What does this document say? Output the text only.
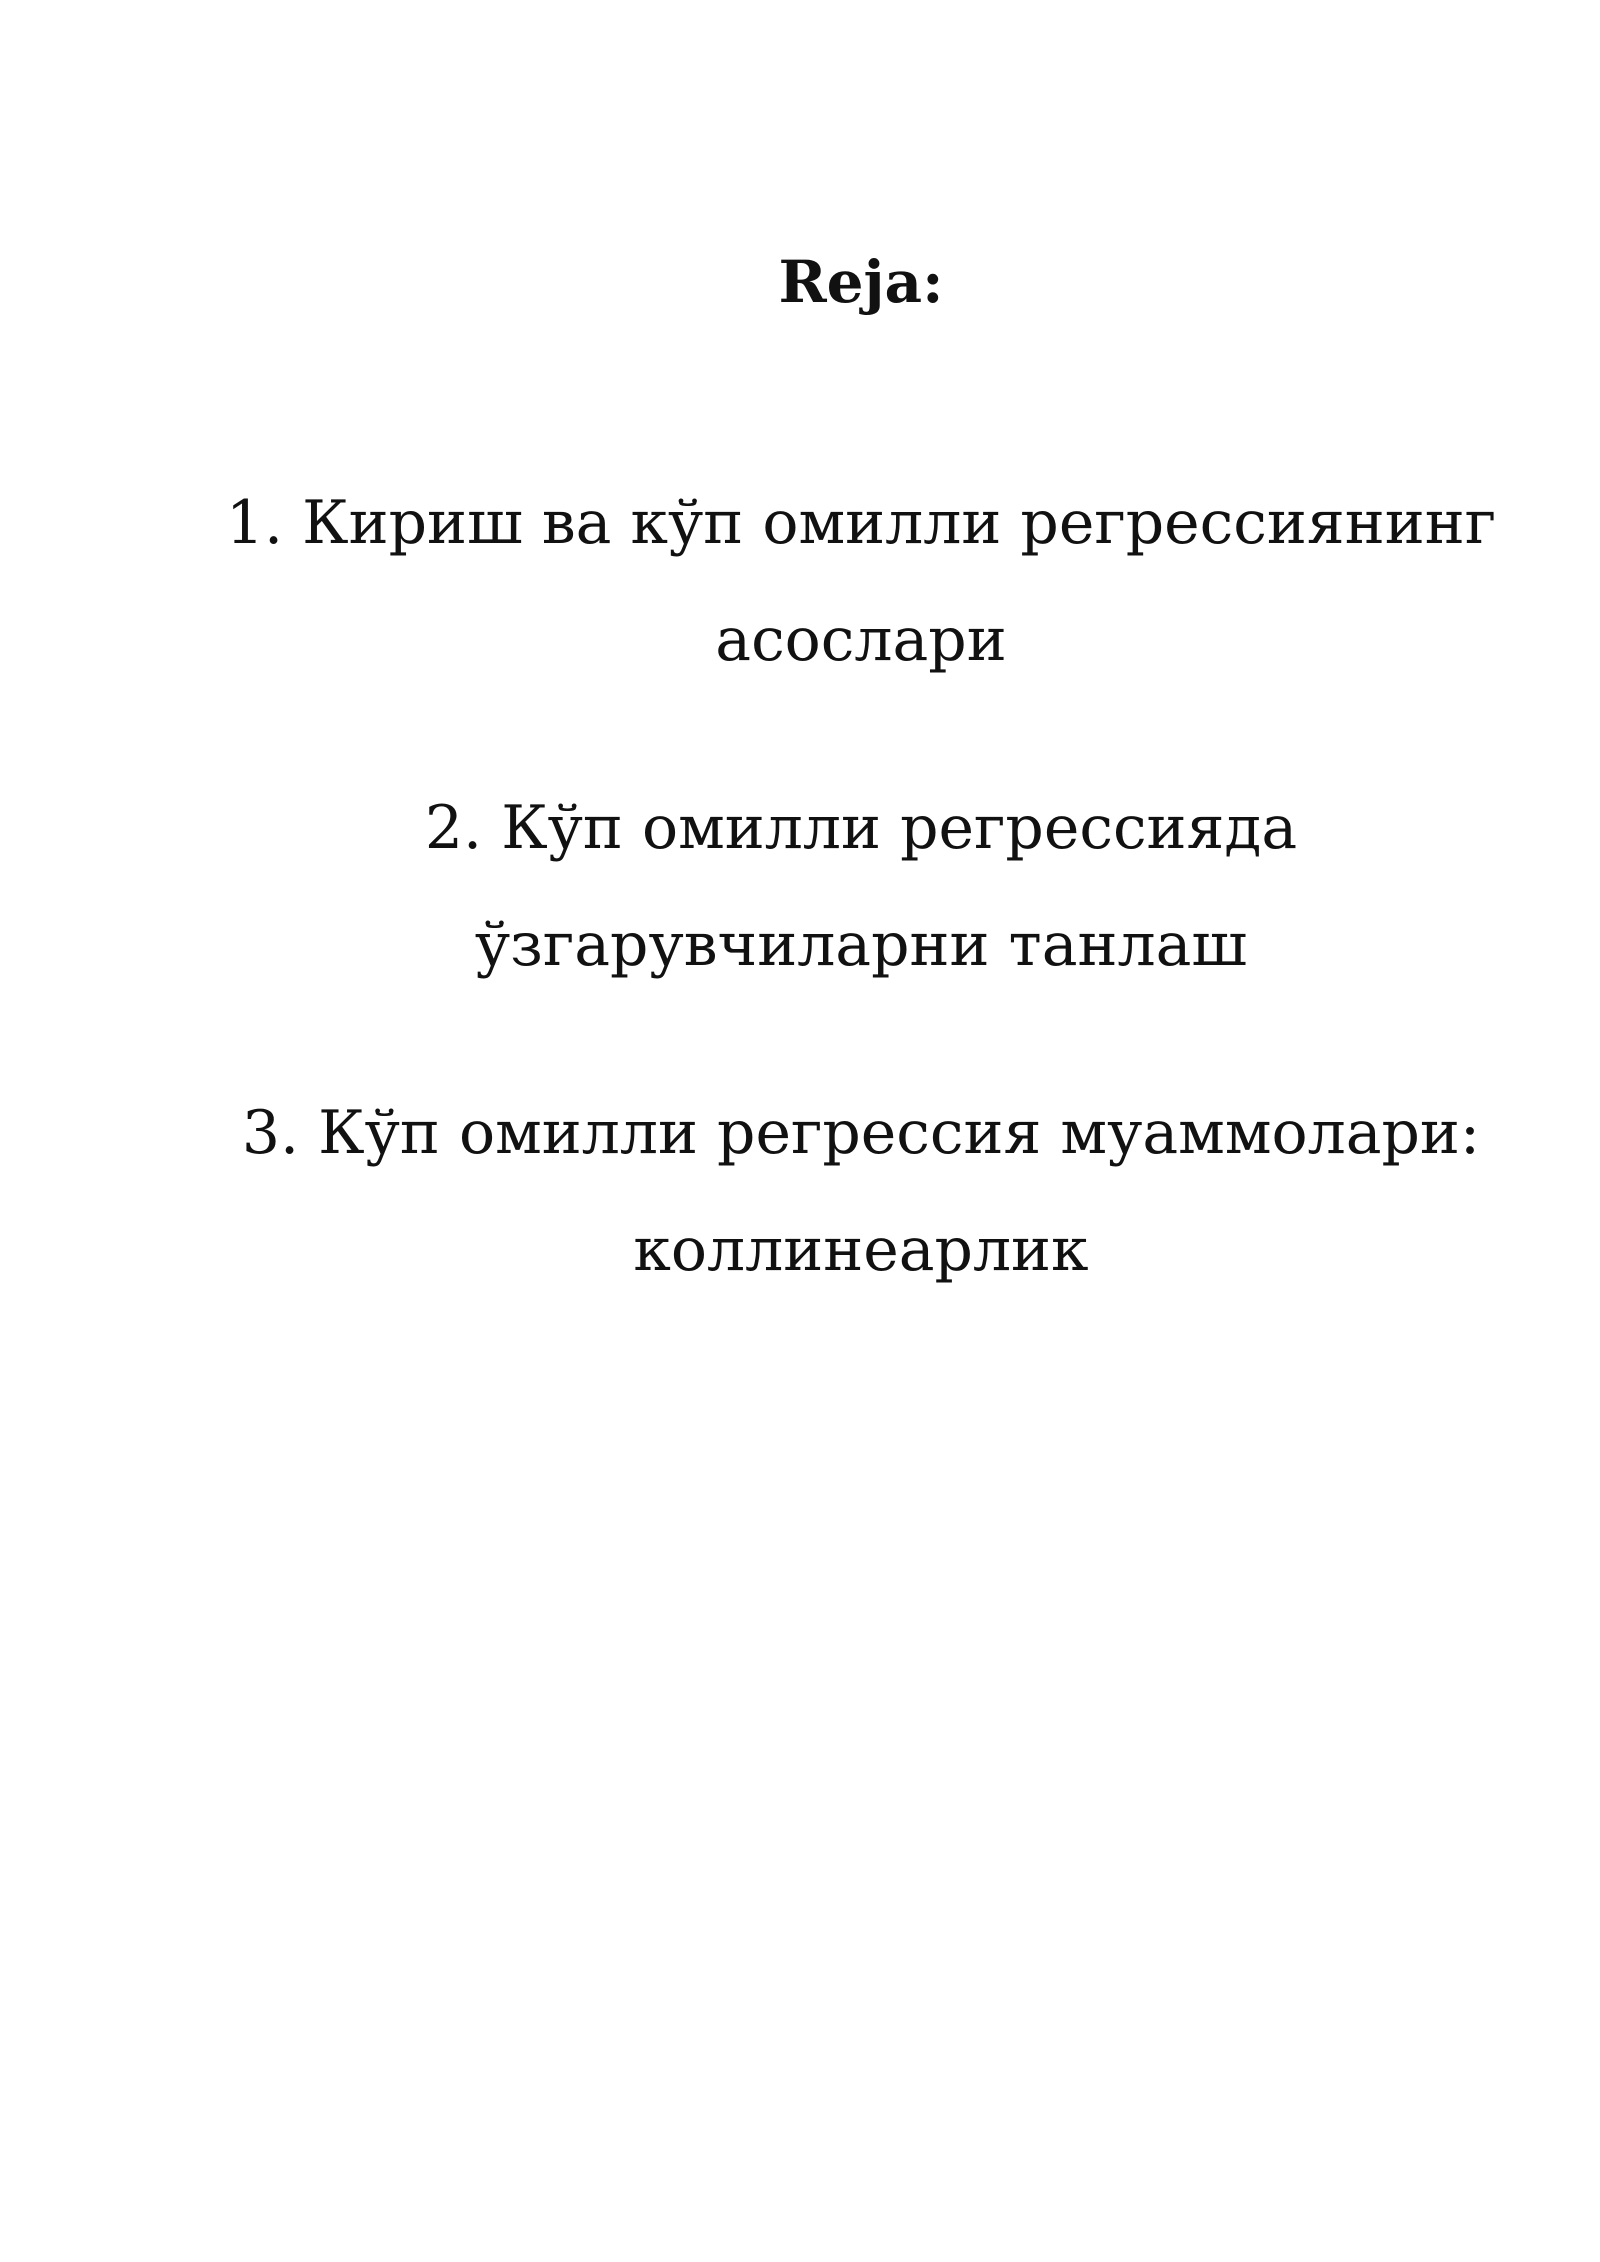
Reja:

1. Кириш ва кўп омилли регрессиянинг
асослари

2. Кўп омилли регрессияда
ўзгарувчиларни танлаш

3. Кўп омилли регрессия муаммолари:
коллинеарлик
